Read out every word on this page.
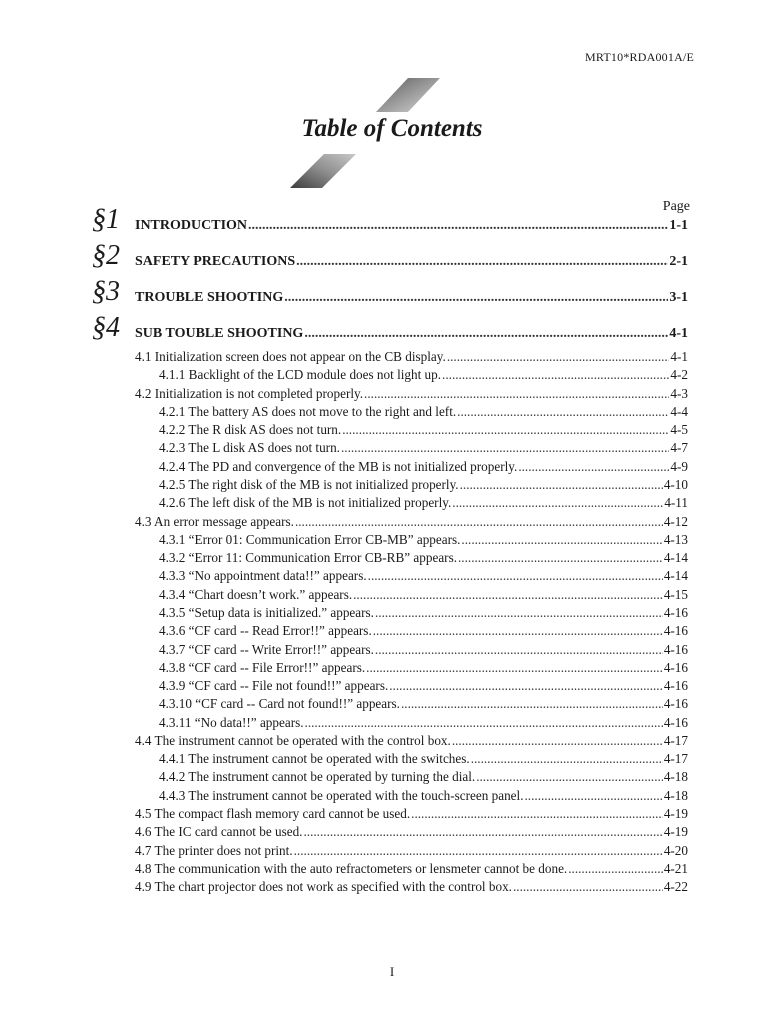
MRT10*RDA001A/E
Table of Contents
Page
§1 INTRODUCTION .....	1-1
§2 SAFETY PRECAUTIONS .....	2-1
§3 TROUBLE SHOOTING .....	3-1
§4 SUB TOUBLE SHOOTING .....	4-1
4.1 Initialization screen does not appear on the CB display. .....	4-1
4.1.1 Backlight of the LCD module does not light up. .....	4-2
4.2 Initialization is not completed properly. .....	4-3
4.2.1 The battery AS does not move to the right and left. .....	4-4
4.2.2 The R disk AS does not turn. .....	4-5
4.2.3 The L disk AS does not turn. .....	4-7
4.2.4 The PD and convergence of the MB is not initialized properly. .....	4-9
4.2.5 The right disk of the MB is not initialized properly. .....	4-10
4.2.6 The left disk of the MB is not initialized properly. .....	4-11
4.3 An error message appears. .....	4-12
4.3.1 “Error 01: Communication Error CB-MB” appears. .....	4-13
4.3.2 “Error 11: Communication Error CB-RB” appears. .....	4-14
4.3.3 “No appointment data!!” appears. .....	4-14
4.3.4 “Chart doesn’t work.” appears. .....	4-15
4.3.5 “Setup data is initialized.” appears. .....	4-16
4.3.6 “CF card -- Read Error!!” appears. .....	4-16
4.3.7 “CF card -- Write Error!!” appears. .....	4-16
4.3.8 “CF card -- File Error!!” appears. .....	4-16
4.3.9 “CF card -- File not found!!” appears. .....	4-16
4.3.10 “CF card -- Card not found!!” appears. .....	4-16
4.3.11 “No data!!” appears. .....	4-16
4.4 The instrument cannot be operated with the control box. .....	4-17
4.4.1 The instrument cannot be operated with the switches. .....	4-17
4.4.2 The instrument cannot be operated by turning the dial. .....	4-18
4.4.3 The instrument cannot be operated with the touch-screen panel. .....	4-18
4.5 The compact flash memory card cannot be used. .....	4-19
4.6 The IC card cannot be used. .....	4-19
4.7 The printer does not print. .....	4-20
4.8 The communication with the auto refractometers or lensmeter cannot be done. .....	4-21
4.9 The chart projector does not work as specified with the control box. .....	4-22
I
